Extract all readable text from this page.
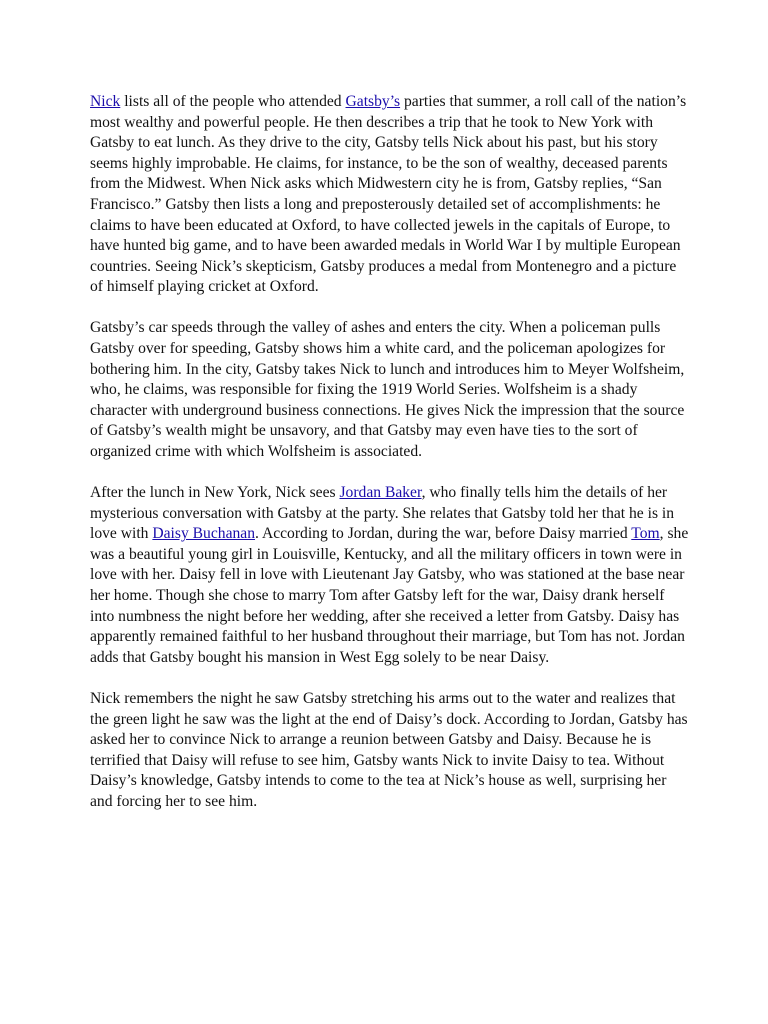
Nick lists all of the people who attended Gatsby’s parties that summer, a roll call of the nation’s most wealthy and powerful people. He then describes a trip that he took to New York with Gatsby to eat lunch. As they drive to the city, Gatsby tells Nick about his past, but his story seems highly improbable. He claims, for instance, to be the son of wealthy, deceased parents from the Midwest. When Nick asks which Midwestern city he is from, Gatsby replies, “San Francisco.” Gatsby then lists a long and preposterously detailed set of accomplishments: he claims to have been educated at Oxford, to have collected jewels in the capitals of Europe, to have hunted big game, and to have been awarded medals in World War I by multiple European countries. Seeing Nick’s skepticism, Gatsby produces a medal from Montenegro and a picture of himself playing cricket at Oxford.

Gatsby’s car speeds through the valley of ashes and enters the city. When a policeman pulls Gatsby over for speeding, Gatsby shows him a white card, and the policeman apologizes for bothering him. In the city, Gatsby takes Nick to lunch and introduces him to Meyer Wolfsheim, who, he claims, was responsible for fixing the 1919 World Series. Wolfsheim is a shady character with underground business connections. He gives Nick the impression that the source of Gatsby’s wealth might be unsavory, and that Gatsby may even have ties to the sort of organized crime with which Wolfsheim is associated.

After the lunch in New York, Nick sees Jordan Baker, who finally tells him the details of her mysterious conversation with Gatsby at the party. She relates that Gatsby told her that he is in love with Daisy Buchanan. According to Jordan, during the war, before Daisy married Tom, she was a beautiful young girl in Louisville, Kentucky, and all the military officers in town were in love with her. Daisy fell in love with Lieutenant Jay Gatsby, who was stationed at the base near her home. Though she chose to marry Tom after Gatsby left for the war, Daisy drank herself into numbness the night before her wedding, after she received a letter from Gatsby. Daisy has apparently remained faithful to her husband throughout their marriage, but Tom has not. Jordan adds that Gatsby bought his mansion in West Egg solely to be near Daisy.

Nick remembers the night he saw Gatsby stretching his arms out to the water and realizes that the green light he saw was the light at the end of Daisy’s dock. According to Jordan, Gatsby has asked her to convince Nick to arrange a reunion between Gatsby and Daisy. Because he is terrified that Daisy will refuse to see him, Gatsby wants Nick to invite Daisy to tea. Without Daisy’s knowledge, Gatsby intends to come to the tea at Nick’s house as well, surprising her and forcing her to see him.
